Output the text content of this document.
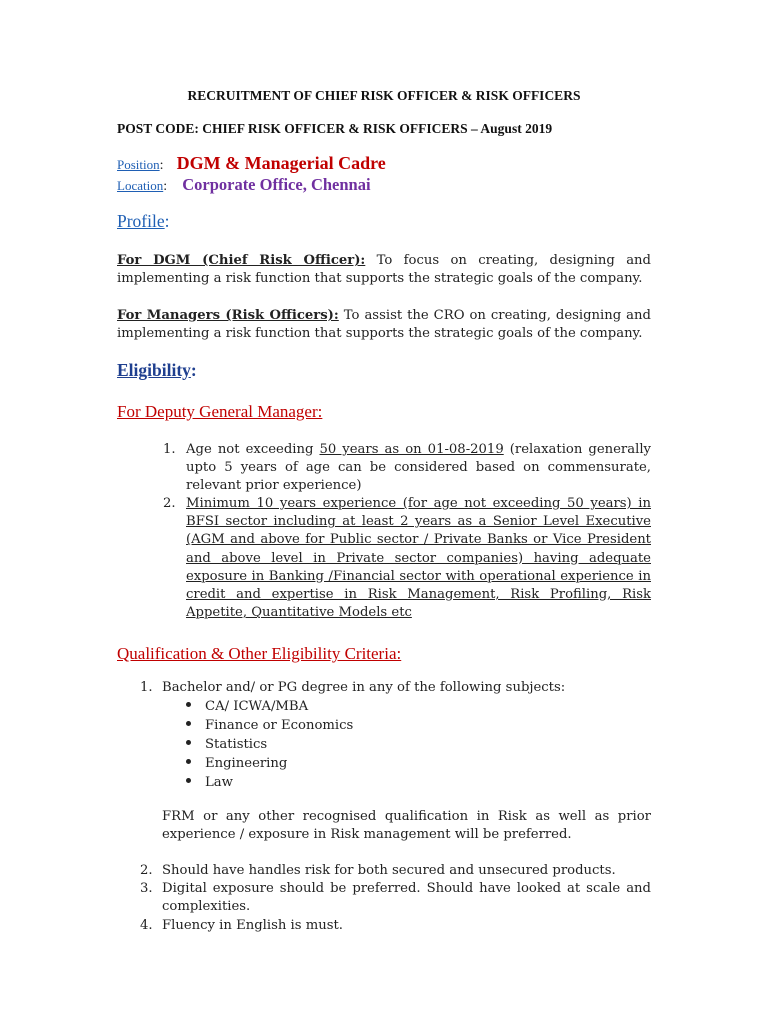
RECRUITMENT OF CHIEF RISK OFFICER & RISK OFFICERS
POST CODE: CHIEF RISK OFFICER & RISK OFFICERS – August 2019
Position: DGM & Managerial Cadre
Location: Corporate Office, Chennai
Profile:
For DGM (Chief Risk Officer): To focus on creating, designing and implementing a risk function that supports the strategic goals of the company.
For Managers (Risk Officers): To assist the CRO on creating, designing and implementing a risk function that supports the strategic goals of the company.
Eligibility:
For Deputy General Manager:
1. Age not exceeding 50 years as on 01-08-2019 (relaxation generally upto 5 years of age can be considered based on commensurate, relevant prior experience)
2. Minimum 10 years experience (for age not exceeding 50 years) in BFSI sector including at least 2 years as a Senior Level Executive (AGM and above for Public sector / Private Banks or Vice President and above level in Private sector companies) having adequate exposure in Banking /Financial sector with operational experience in credit and expertise in Risk Management, Risk Profiling, Risk Appetite, Quantitative Models etc
Qualification & Other Eligibility Criteria:
1. Bachelor and/ or PG degree in any of the following subjects:
CA/ ICWA/MBA
Finance or Economics
Statistics
Engineering
Law
FRM or any other recognised qualification in Risk as well as prior experience / exposure in Risk management will be preferred.
2. Should have handles risk for both secured and unsecured products.
3. Digital exposure should be preferred. Should have looked at scale and complexities.
4. Fluency in English is must.
